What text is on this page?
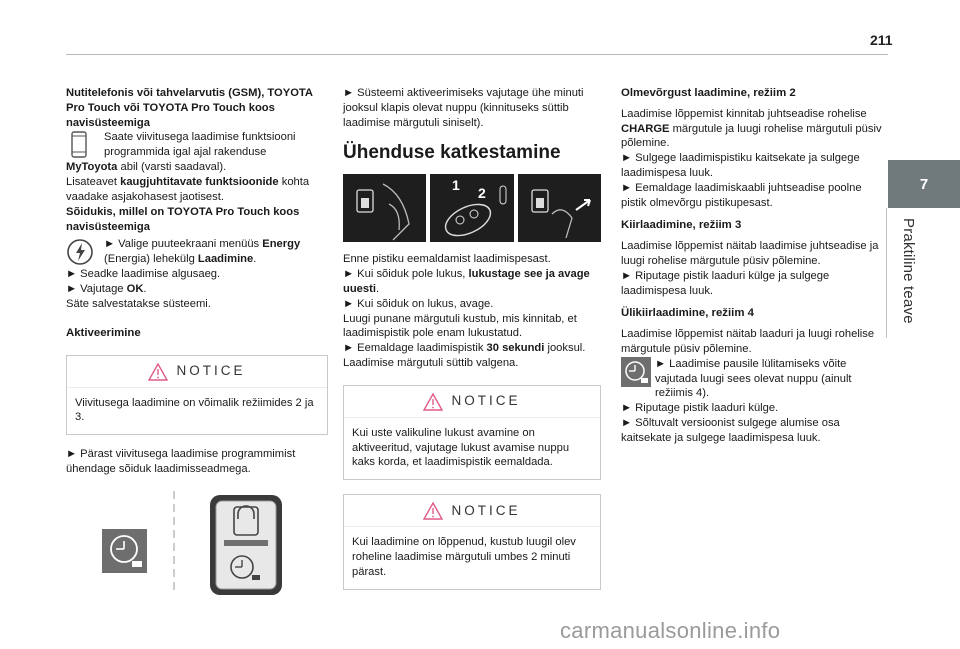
211
7
Praktiline teave
Nutitelefonis või tahvelarvutis (GSM), TOYOTA Pro Touch või TOYOTA Pro Touch koos navisüsteemiga
Saate viivitusega laadimise funktsiooni programmida igal ajal rakenduse
MyToyota abil (varsti saadaval).
Lisateavet kaugjuhtitavate funktsioonide kohta vaadake asjakohasest jaotisest.
Sõidukis, millel on TOYOTA Pro Touch koos navisüsteemiga
► Valige puuteekraani menüüs Energy (Energia) lehekülg Laadimine.
► Seadke laadimise algusaeg.
► Vajutage OK.
Säte salvestatakse süsteemi.
Aktiveerimine
NOTICE
Viivitusega laadimine on võimalik režiimides 2 ja 3.
► Pärast viivitusega laadimise programmimist ühendage sõiduk laadimisseadmega.
► Süsteemi aktiveerimiseks vajutage ühe minuti jooksul klapis olevat nuppu (kinnituseks süttib laadimise märgutuli siniselt).
Ühenduse katkestamine
1 2
Enne pistiku eemaldamist laadimispesast.
► Kui sõiduk pole lukus, lukustage see ja avage uuesti.
► Kui sõiduk on lukus, avage.
Luugi punane märgutuli kustub, mis kinnitab, et laadimispistik pole enam lukustatud.
► Eemaldage laadimispistik 30 sekundi jooksul.
Laadimise märgutuli süttib valgena.
NOTICE
Kui uste valikuline lukust avamine on aktiveeritud, vajutage lukust avamise nuppu kaks korda, et laadimispistik eemaldada.
NOTICE
Kui laadimine on lõppenud, kustub luugil olev roheline laadimise märgutuli umbes 2 minuti pärast.
Olmevõrgust laadimine, režiim 2
Laadimise lõppemist kinnitab juhtseadise rohelise CHARGE märgutule ja luugi rohelise märgutuli püsiv põlemine.
► Sulgege laadimispistiku kaitsekate ja sulgege laadimispesa luuk.
► Eemaldage laadimiskaabli juhtseadise poolne pistik olmevõrgu pistikupesast.
Kiirlaadimine, režiim 3
Laadimise lõppemist näitab laadimise juhtseadise ja luugi rohelise märgutule püsiv põlemine.
► Riputage pistik laaduri külge ja sulgege laadimispesa luuk.
Ülikiirlaadimine, režiim 4
Laadimise lõppemist näitab laaduri ja luugi rohelise märgutule püsiv põlemine.
► Laadimise pausile lülitamiseks võite vajutada luugi sees olevat nuppu (ainult režiimis 4).
► Riputage pistik laaduri külge.
► Sõltuvalt versioonist sulgege alumise osa kaitsekate ja sulgege laadimispesa luuk.
carmanualsonline.info
